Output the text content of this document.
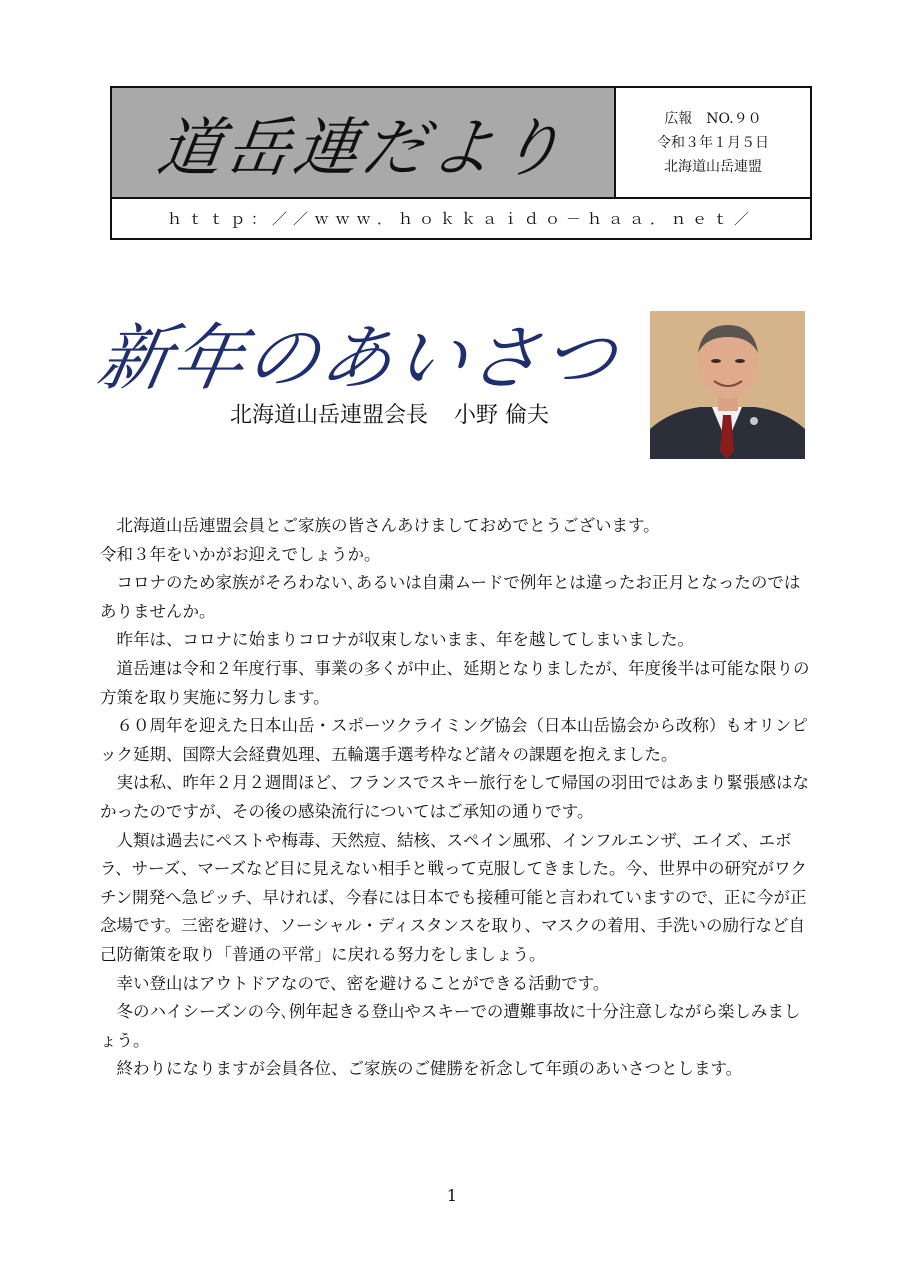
道岳連だより	広報　NO.９０
令和３年１月５日
北海道山岳連盟
ｈｔｔｐ：／／ｗｗｗ．ｈｏｋｋａｉｄｏ－ｈａａ．ｎｅｔ／
新年のあいさつ
北海道山岳連盟会長 小野 倫夫

北海道山岳連盟会員とご家族の皆さんあけましておめでとうございます。

令和３年をいかがお迎えでしょうか。

コロナのため家族がそろわない､あるいは自粛ムードで例年とは違ったお正月となったのではありませんか。

昨年は、コロナに始まりコロナが収束しないまま、年を越してしまいました。

道岳連は令和２年度行事、事業の多くが中止、延期となりましたが、年度後半は可能な限りの方策を取り実施に努力します。

６０周年を迎えた日本山岳・スポーツクライミング協会（日本山岳協会から改称）もオリンピック延期、国際大会経費処理、五輪選手選考枠など諸々の課題を抱えました。

実は私、昨年２月２週間ほど、フランスでスキー旅行をして帰国の羽田ではあまり緊張感はなかったのですが、その後の感染流行についてはご承知の通りです。

人類は過去にペストや梅毒、天然痘、結核、スペイン風邪、インフルエンザ、エイズ、エボラ、サーズ、マーズなど目に見えない相手と戦って克服してきました。今、世界中の研究がワクチン開発へ急ピッチ、早ければ、今春には日本でも接種可能と言われていますので、正に今が正念場です。三密を避け、ソーシャル・ディスタンスを取り、マスクの着用、手洗いの励行など自己防衛策を取り「普通の平常」に戻れる努力をしましょう。

幸い登山はアウトドアなので、密を避けることができる活動です。

冬のハイシーズンの今､例年起きる登山やスキーでの遭難事故に十分注意しながら楽しみましょう。

終わりになりますが会員各位、ご家族のご健勝を祈念して年頭のあいさつとします。

1
